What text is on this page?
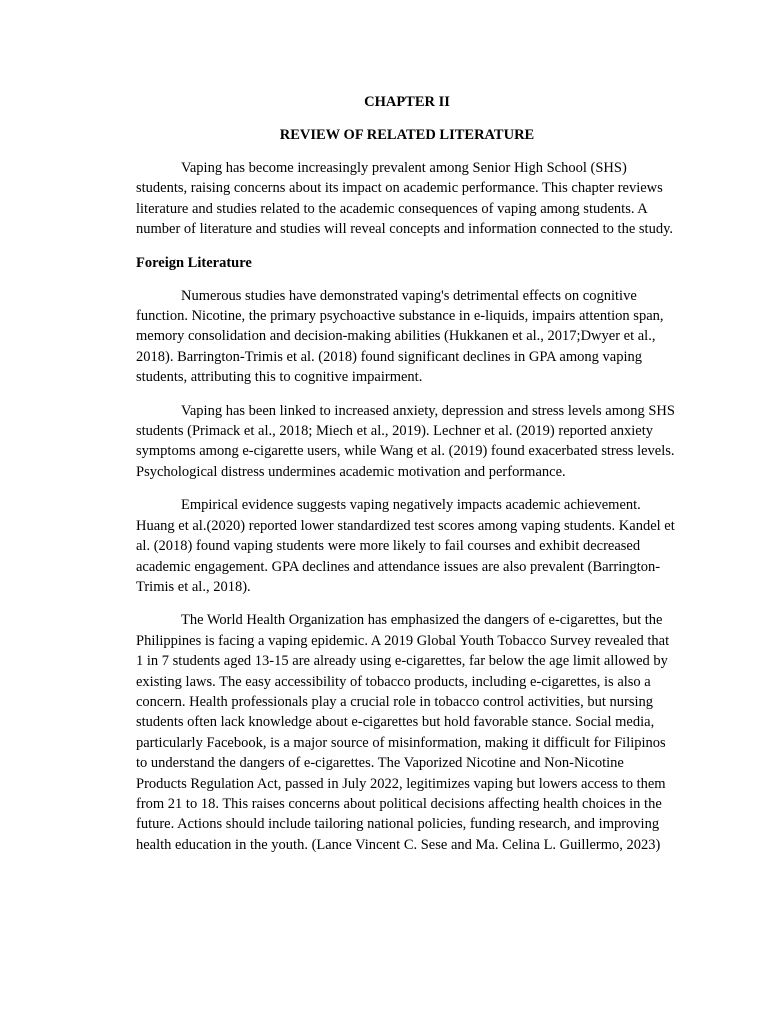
CHAPTER II

REVIEW OF RELATED LITERATURE

Vaping has become increasingly prevalent among Senior High School (SHS) students, raising concerns about its impact on academic performance. This chapter reviews literature and studies related to the academic consequences of vaping among students. A number of literature and studies will reveal concepts and information connected to the study.

Foreign Literature

Numerous studies have demonstrated vaping's detrimental effects on cognitive function. Nicotine, the primary psychoactive substance in e-liquids, impairs attention span, memory consolidation and decision-making abilities (Hukkanen et al., 2017;Dwyer et al., 2018). Barrington-Trimis et al. (2018) found significant declines in GPA among vaping students, attributing this to cognitive impairment.

Vaping has been linked to increased anxiety, depression and stress levels among SHS students (Primack et al., 2018; Miech et al., 2019). Lechner et al. (2019) reported anxiety symptoms among e-cigarette users, while Wang et al. (2019) found exacerbated stress levels. Psychological distress undermines academic motivation and performance.

Empirical evidence suggests vaping negatively impacts academic achievement. Huang et al.(2020) reported lower standardized test scores among vaping students. Kandel et al. (2018) found vaping students were more likely to fail courses and exhibit decreased academic engagement. GPA declines and attendance issues are also prevalent (Barrington-Trimis et al., 2018).

The World Health Organization has emphasized the dangers of e-cigarettes, but the Philippines is facing a vaping epidemic. A 2019 Global Youth Tobacco Survey revealed that 1 in 7 students aged 13-15 are already using e-cigarettes, far below the age limit allowed by existing laws. The easy accessibility of tobacco products, including e-cigarettes, is also a concern. Health professionals play a crucial role in tobacco control activities, but nursing students often lack knowledge about e-cigarettes but hold favorable stance. Social media, particularly Facebook, is a major source of misinformation, making it difficult for Filipinos to understand the dangers of e-cigarettes. The Vaporized Nicotine and Non-Nicotine Products Regulation Act, passed in July 2022, legitimizes vaping but lowers access to them from 21 to 18. This raises concerns about political decisions affecting health choices in the future. Actions should include tailoring national policies, funding research, and improving health education in the youth. (Lance Vincent C. Sese and Ma. Celina L. Guillermo, 2023)
